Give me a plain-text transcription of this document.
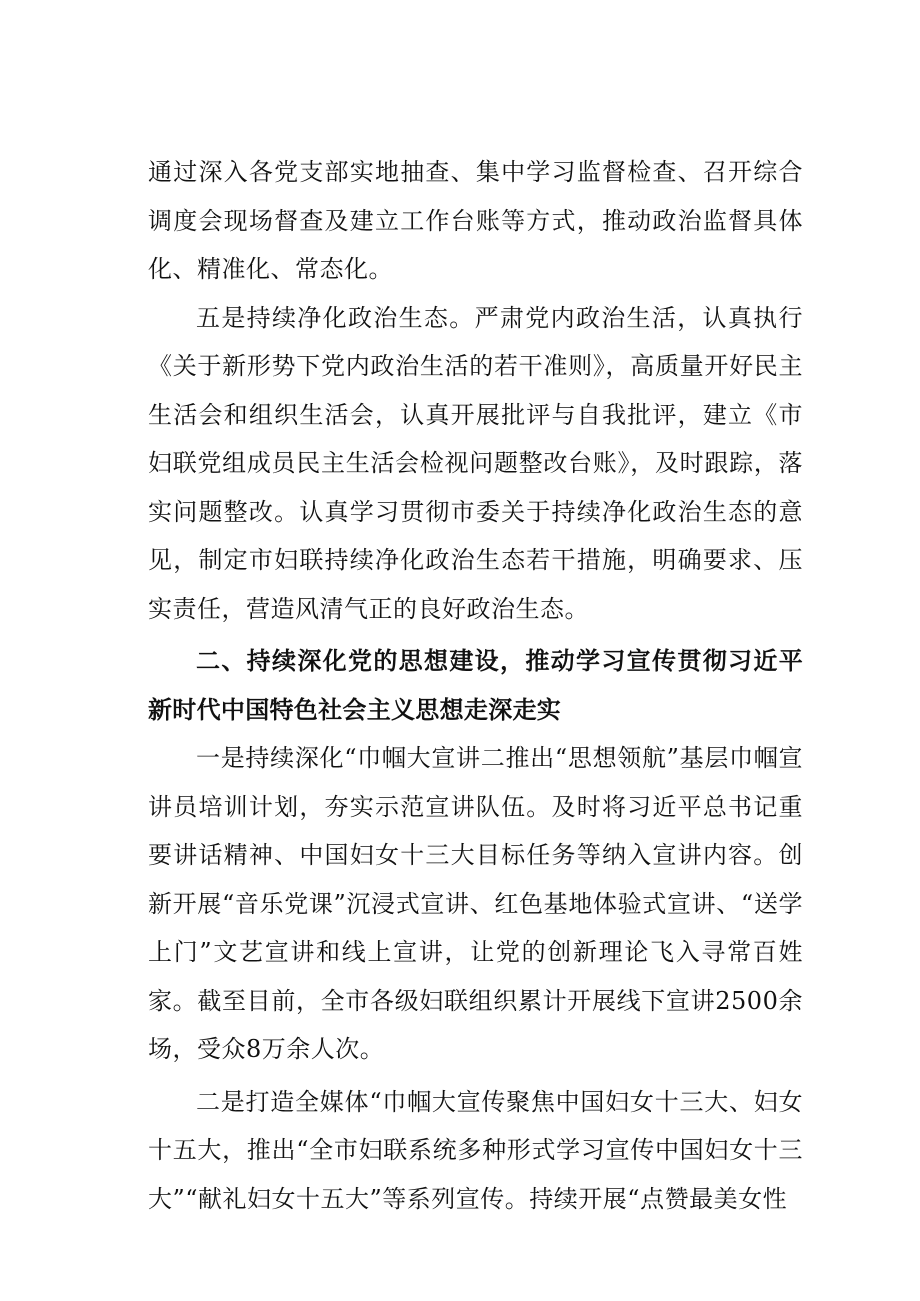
通过深入各党支部实地抽查、集中学习监督检查、召开综合调度会现场督查及建立工作台账等方式，推动政治监督具体化、精准化、常态化。

五是持续净化政治生态。严肃党内政治生活，认真执行《关于新形势下党内政治生活的若干准则》，高质量开好民主生活会和组织生活会，认真开展批评与自我批评，建立《市妇联党组成员民主生活会检视问题整改台账》，及时跟踪，落实问题整改。认真学习贯彻市委关于持续净化政治生态的意见，制定市妇联持续净化政治生态若干措施，明确要求、压实责任，营造风清气正的良好政治生态。

二、持续深化党的思想建设，推动学习宣传贯彻习近平新时代中国特色社会主义思想走深走实

一是持续深化“巾帼大宣讲二推出“思想领航”基层巾帼宣讲员培训计划，夯实示范宣讲队伍。及时将习近平总书记重要讲话精神、中国妇女十三大目标任务等纳入宣讲内容。创新开展“音乐党课”沉浸式宣讲、红色基地体验式宣讲、“送学上门”文艺宣讲和线上宣讲，让党的创新理论飞入寻常百姓家。截至目前，全市各级妇联组织累计开展线下宣讲2500余场，受众8万余人次。

二是打造全媒体“巾帼大宣传聚焦中国妇女十三大、妇女十五大，推出“全市妇联系统多种形式学习宣传中国妇女十三大”“献礼妇女十五大”等系列宣传。持续开展“点赞最美女性
